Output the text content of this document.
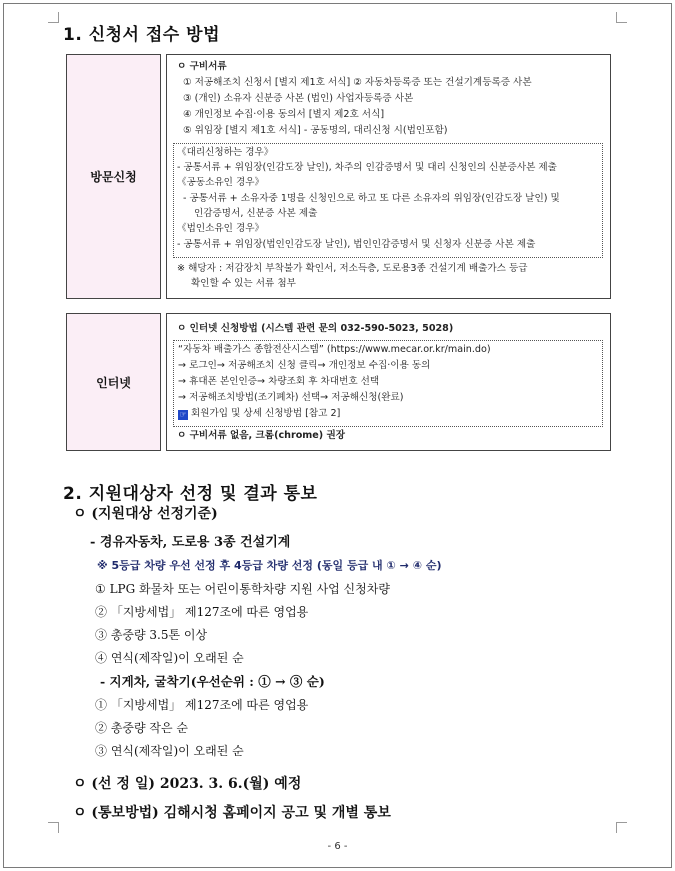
1. 신청서 접수 방법
방문신청
ㅇ 구비서류
① 저공해조치 신청서 [별지 제1호 서식] ② 자동차등록증 또는 건설기계등록증 사본
③ (개인) 소유자 신분증 사본 (법인) 사업자등록증 사본
④ 개인정보 수집·이용 동의서 [별지 제2호 서식]
⑤ 위임장 [별지 제1호 서식] - 공동명의, 대리신청 시(법인포함)
《대리신청하는 경우》
- 공통서류 + 위임장(인감도장 날인), 차주의 인감증명서 및 대리 신청인의 신분증사본 제출
《공동소유인 경우》
- 공통서류 + 소유자중 1명을 신청인으로 하고 또 다른 소유자의 위임장(인감도장 날인) 및
인감증명서, 신분증 사본 제출
《법인소유인 경우》
- 공통서류 + 위임장(법인인감도장 날인), 법인인감증명서 및 신청자 신분증 사본 제출
※ 해당자 : 저감장치 부착불가 확인서, 저소득층, 도로용3종 건설기계 배출가스 등급
확인할 수 있는 서류 첨부
인터넷
ㅇ 인터넷 신청방법 (시스템 관련 문의 032-590-5023, 5028)
“자동차 배출가스 종합전산시스템” (https://www.mecar.or.kr/main.do)
→ 로그인→ 저공해조치 신청 클릭→ 개인정보 수집·이용 동의
→ 휴대폰 본인인증→ 차량조회 후 차대번호 선택
→ 저공해조치방법(조기폐차) 선택→ 저공해신청(완료)
☞ 회원가입 및 상세 신청방법 [참고 2]
ㅇ 구비서류 없음, 크롬(chrome) 권장
2. 지원대상자 선정 및 결과 통보
ㅇ (지원대상 선정기준)
- 경유자동차, 도로용 3종 건설기계
※ 5등급 차량 우선 선정 후 4등급 차량 선정 (동일 등급 내 ① → ④ 순)
① LPG 화물차 또는 어린이통학차량 지원 사업 신청차량
② 「지방세법」 제127조에 따른 영업용
③ 총중량 3.5톤 이상
④ 연식(제작일)이 오래된 순
- 지게차, 굴착기(우선순위 : ① → ③ 순)
① 「지방세법」 제127조에 따른 영업용
② 총중량 작은 순
③ 연식(제작일)이 오래된 순
ㅇ (선 정 일) 2023. 3. 6.(월) 예정
ㅇ (통보방법) 김해시청 홈페이지 공고 및 개별 통보
- 6 -
